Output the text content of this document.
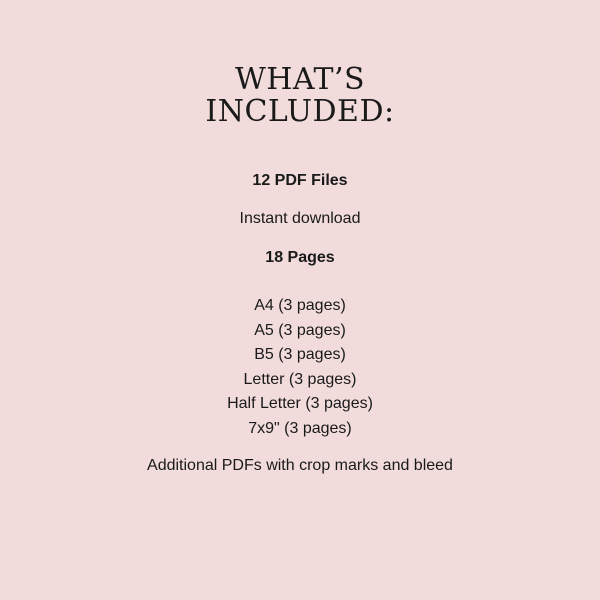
WHAT’S
INCLUDED:

12 PDF Files

Instant download

18 Pages

A4 (3 pages)
A5 (3 pages)
B5 (3 pages)
Letter (3 pages)
Half Letter (3 pages)
7x9" (3 pages)

Additional PDFs with crop marks and bleed
